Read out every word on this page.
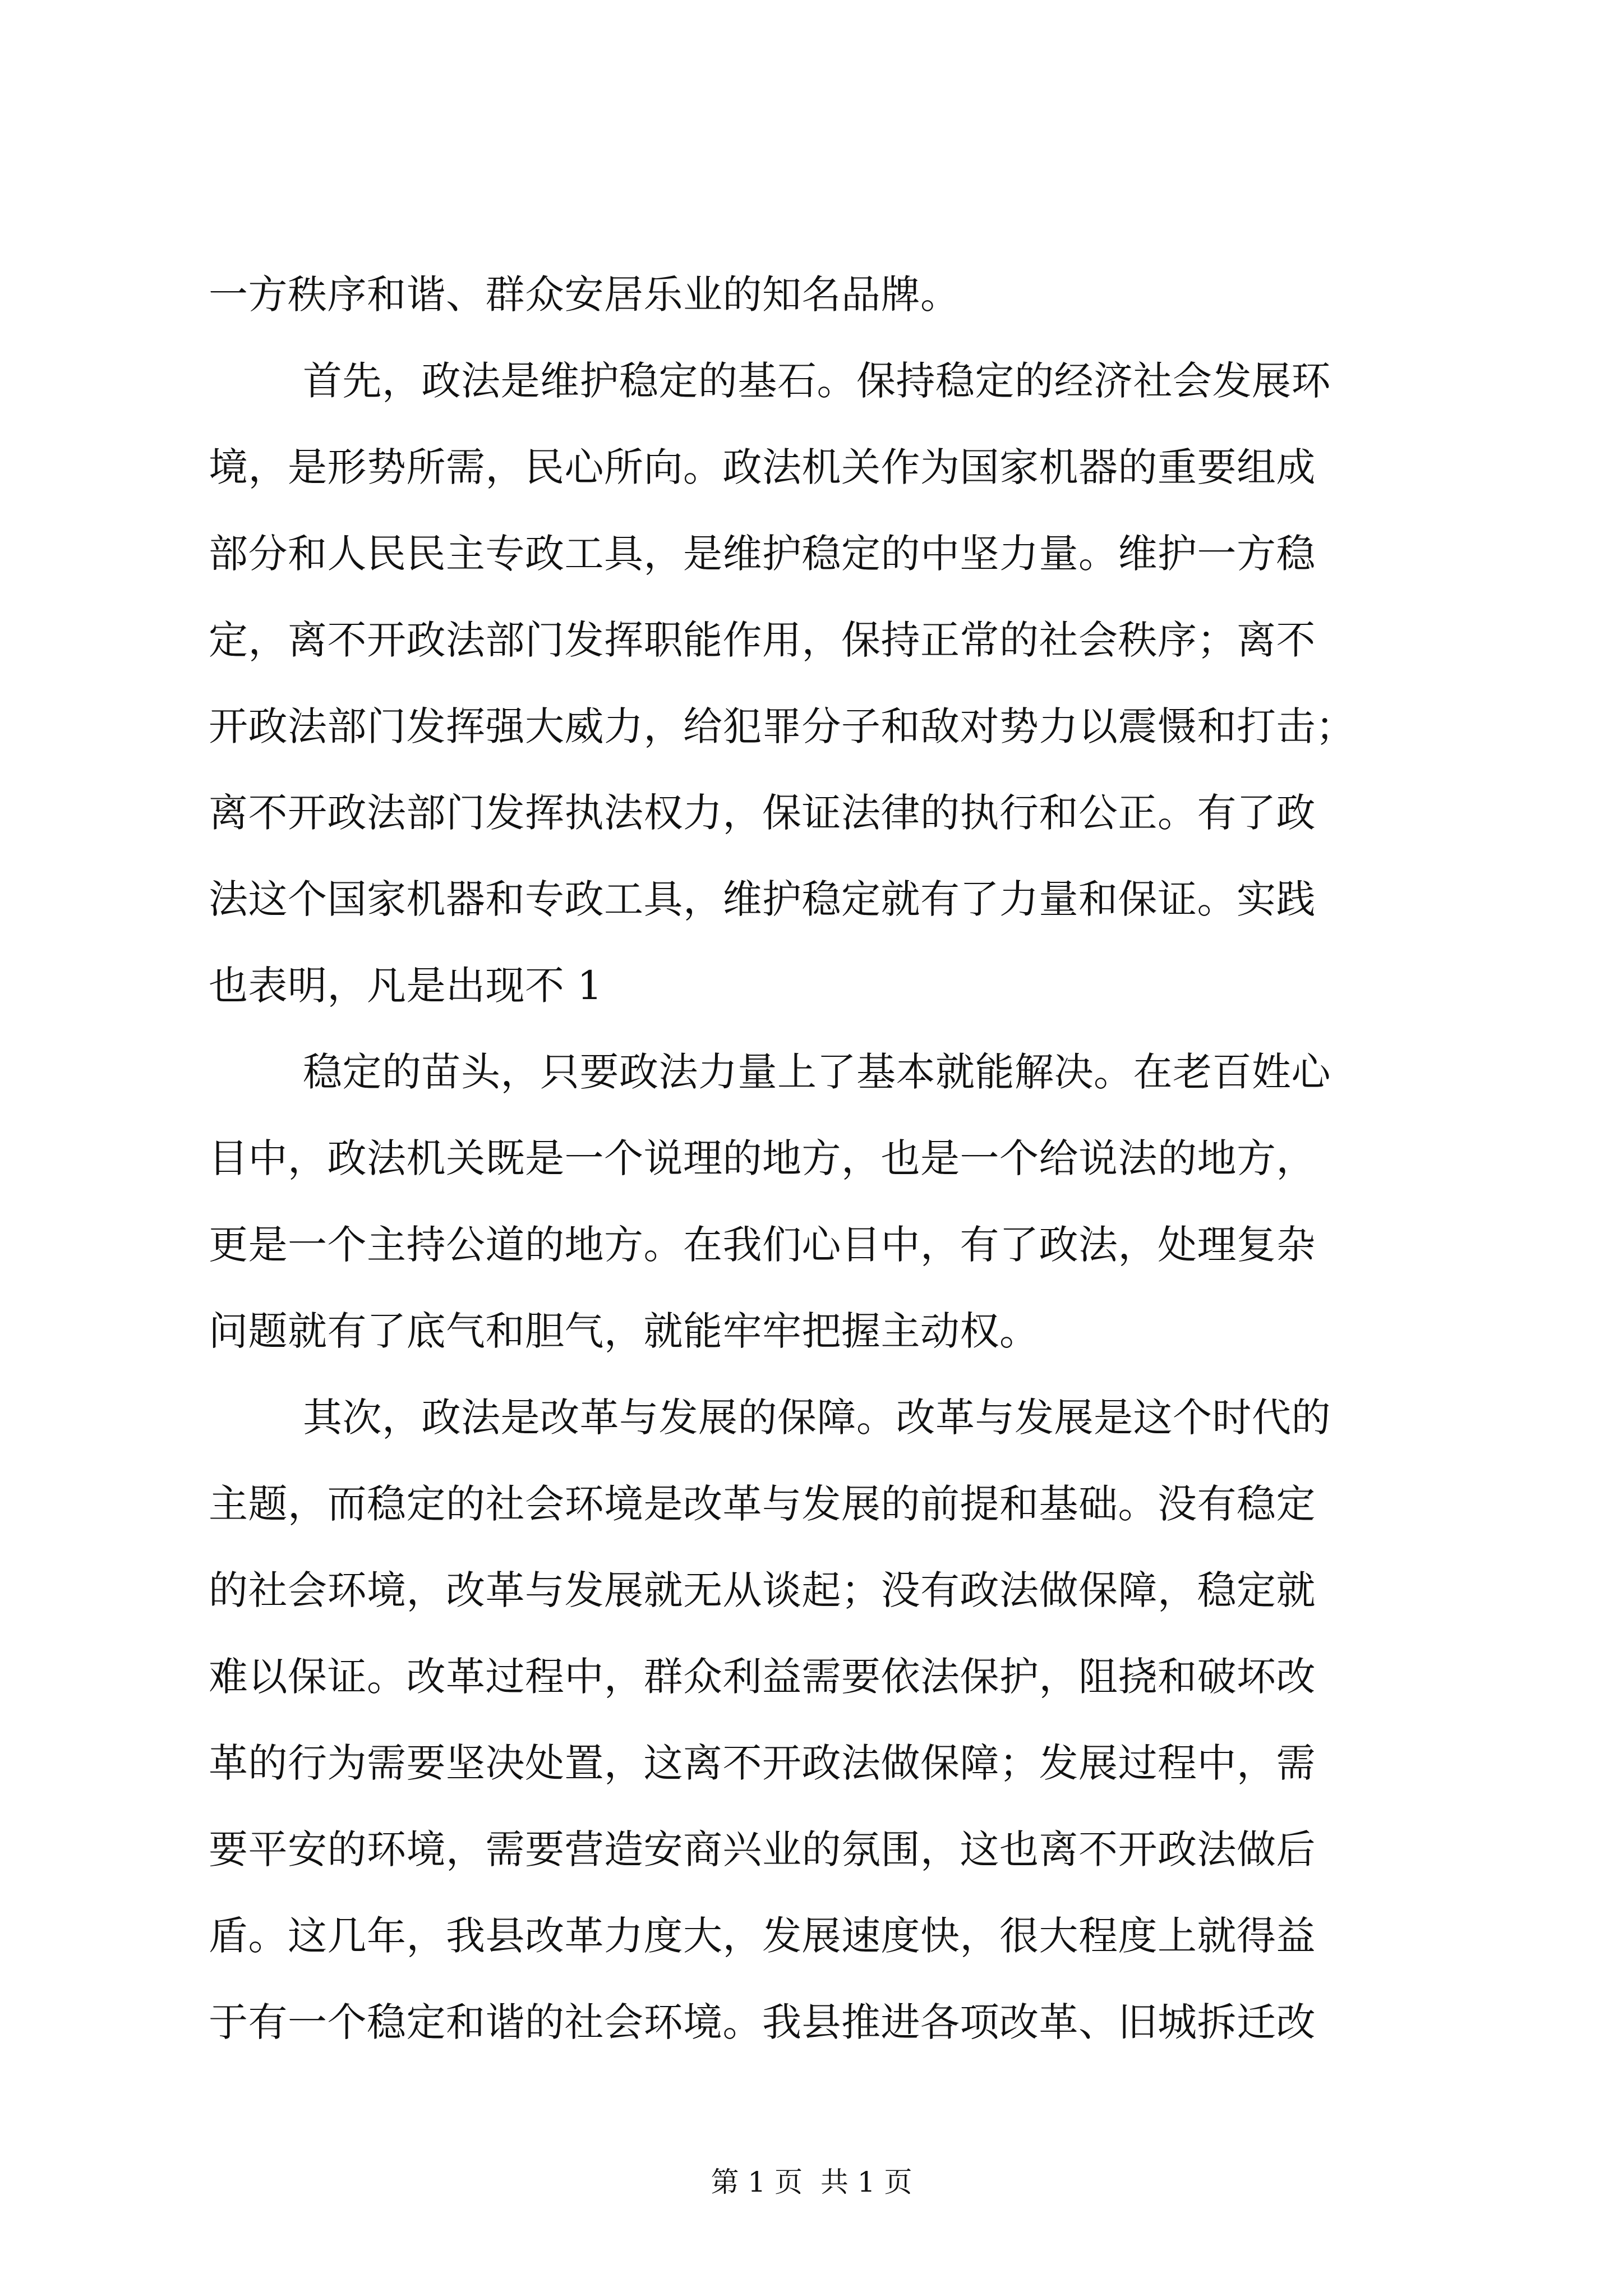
一方秩序和谐、群众安居乐业的知名品牌。
首先，政法是维护稳定的基石。保持稳定的经济社会发展环
境，是形势所需，民心所向。政法机关作为国家机器的重要组成
部分和人民民主专政工具，是维护稳定的中坚力量。维护一方稳
定，离不开政法部门发挥职能作用，保持正常的社会秩序；离不
开政法部门发挥强大威力，给犯罪分子和敌对势力以震慑和打击；
离不开政法部门发挥执法权力，保证法律的执行和公正。有了政
法这个国家机器和专政工具，维护稳定就有了力量和保证。实践
也表明，凡是出现不 1
稳定的苗头，只要政法力量上了基本就能解决。在老百姓心
目中，政法机关既是一个说理的地方，也是一个给说法的地方，
更是一个主持公道的地方。在我们心目中，有了政法，处理复杂
问题就有了底气和胆气，就能牢牢把握主动权。
其次，政法是改革与发展的保障。改革与发展是这个时代的
主题，而稳定的社会环境是改革与发展的前提和基础。没有稳定
的社会环境，改革与发展就无从谈起；没有政法做保障，稳定就
难以保证。改革过程中，群众利益需要依法保护，阻挠和破坏改
革的行为需要坚决处置，这离不开政法做保障；发展过程中，需
要平安的环境，需要营造安商兴业的氛围，这也离不开政法做后
盾。这几年，我县改革力度大，发展速度快，很大程度上就得益
于有一个稳定和谐的社会环境。我县推进各项改革、旧城拆迁改
第 1 页  共 1 页
